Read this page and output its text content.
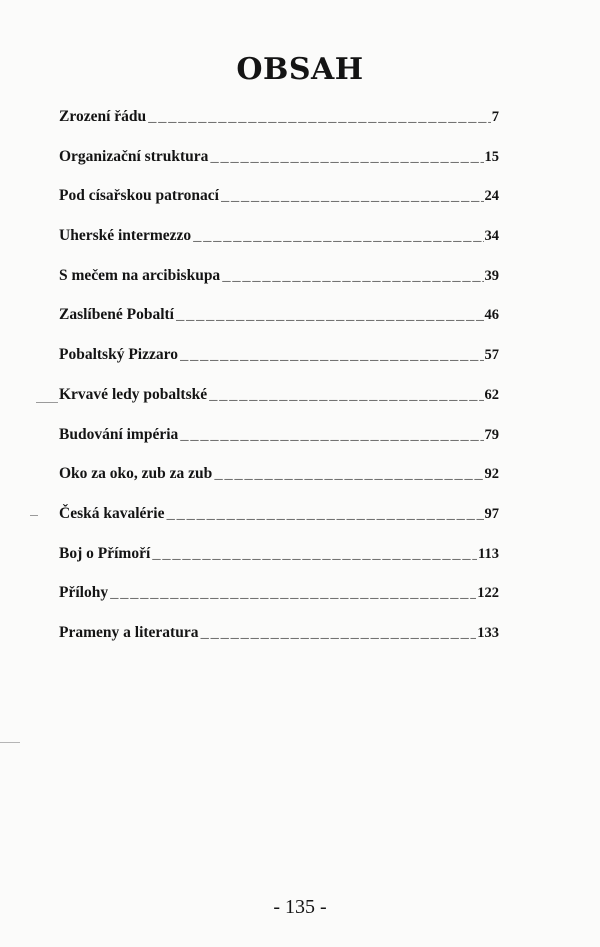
OBSAH
Zrození řádu _____	7
Organizační struktura _____	15
Pod císařskou patronací _____	24
Uherské intermezzo _____	34
S mečem na arcibiskupa _____	39
Zaslíbené Pobaltí _____	46
Pobaltský Pizzaro _____	57
Krvavé ledy pobaltské _____	62
Budování impéria _____	79
Oko za oko, zub za zub _____	92
Česká kavalérie _____	97
Boj o Přímoří _____	113
Přílohy _____	122
Prameny a literatura _____	133
- 135 -
